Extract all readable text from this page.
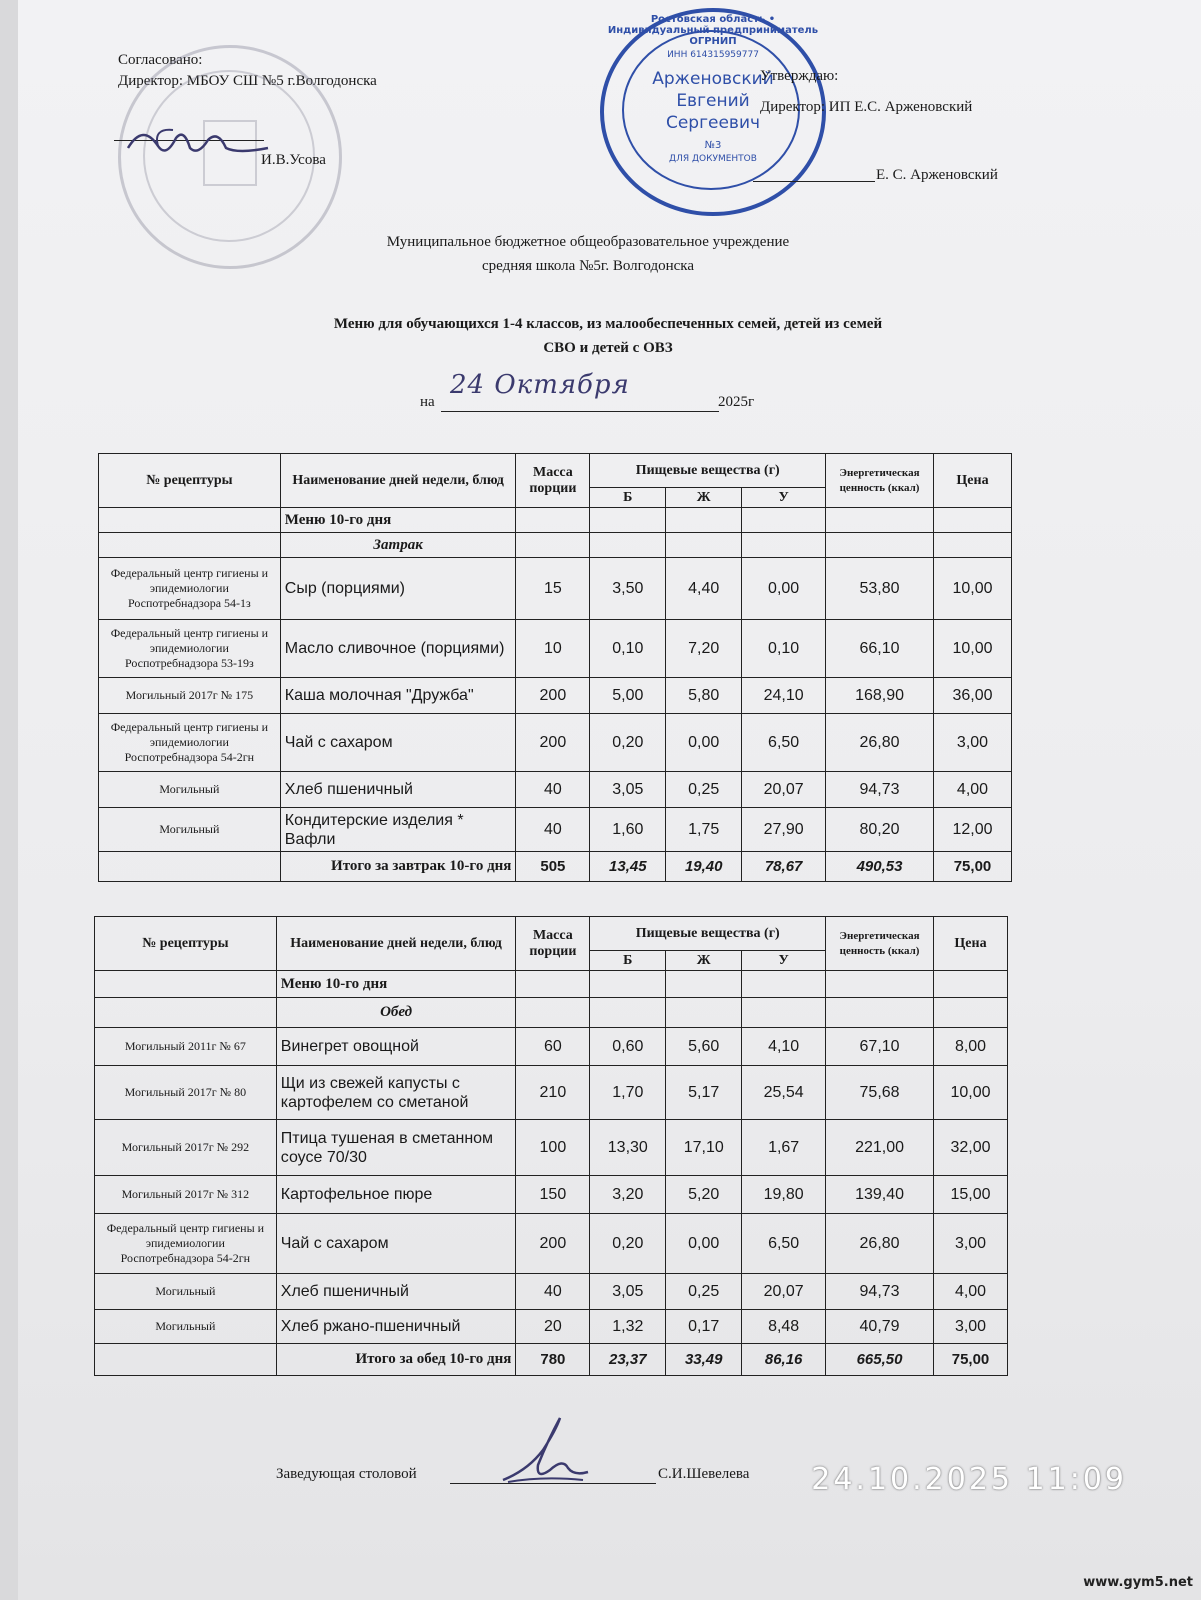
Согласовано:
Директор: МБОУ СШ №5 г.Волгодонска
И.В.Усова
Ростовская область • Индивидуальный предприниматель ОГРНИП
ИНН 614315959777
Арженовский
Евгений
Сергеевич
№3
ДЛЯ ДОКУМЕНТОВ
Утверждаю:
Директор: ИП Е.С. Арженовский
Е. С. Арженовский
Муниципальное бюджетное общеобразовательное учреждение
средняя школа №5г. Волгодонска
Меню для обучающихся 1-4 классов, из малообеспеченных семей, детей из семей
СВО и детей с ОВЗ
на
24 Октября
2025г
№ рецептуры	Наименование дней недели, блюд	Масса порции	Пищевые вещества (г)			Энергетическая ценность (ккал)	Цена
			Б	Ж	У		
	Меню 10-го дня						
	Затрак						
Федеральный центр гигиены и эпидемиологии Роспотребнадзора 54-1з	Сыр (порциями)	15	3,50	4,40	0,00	53,80	10,00
Федеральный центр гигиены и эпидемиологии Роспотребнадзора 53-19з	Масло сливочное (порциями)	10	0,10	7,20	0,10	66,10	10,00
Могильный 2017г № 175	Каша молочная "Дружба"	200	5,00	5,80	24,10	168,90	36,00
Федеральный центр гигиены и эпидемиологии Роспотребнадзора 54-2гн	Чай с сахаром	200	0,20	0,00	6,50	26,80	3,00
Могильный	Хлеб пшеничный	40	3,05	0,25	20,07	94,73	4,00
Могильный	Кондитерские изделия * Вафли	40	1,60	1,75	27,90	80,20	12,00
	Итого за завтрак 10-го дня	505	13,45	19,40	78,67	490,53	75,00
№ рецептуры	Наименование дней недели, блюд	Масса порции	Пищевые вещества (г)			Энергетическая ценность (ккал)	Цена
			Б	Ж	У		
	Меню 10-го дня						
	Обед						
Могильный 2011г № 67	Винегрет овощной	60	0,60	5,60	4,10	67,10	8,00
Могильный 2017г № 80	Щи из свежей капусты с картофелем со сметаной	210	1,70	5,17	25,54	75,68	10,00
Могильный 2017г № 292	Птица тушеная в сметанном соусе 70/30	100	13,30	17,10	1,67	221,00	32,00
Могильный 2017г № 312	Картофельное пюре	150	3,20	5,20	19,80	139,40	15,00
Федеральный центр гигиены и эпидемиологии Роспотребнадзора 54-2гн	Чай с сахаром	200	0,20	0,00	6,50	26,80	3,00
Могильный	Хлеб пшеничный	40	3,05	0,25	20,07	94,73	4,00
Могильный	Хлеб ржано-пшеничный	20	1,32	0,17	8,48	40,79	3,00
	Итого за обед 10-го дня	780	23,37	33,49	86,16	665,50	75,00
Заведующая столовой	С.И.Шевелева 24.10.2025 11:09
www.gym5.net
